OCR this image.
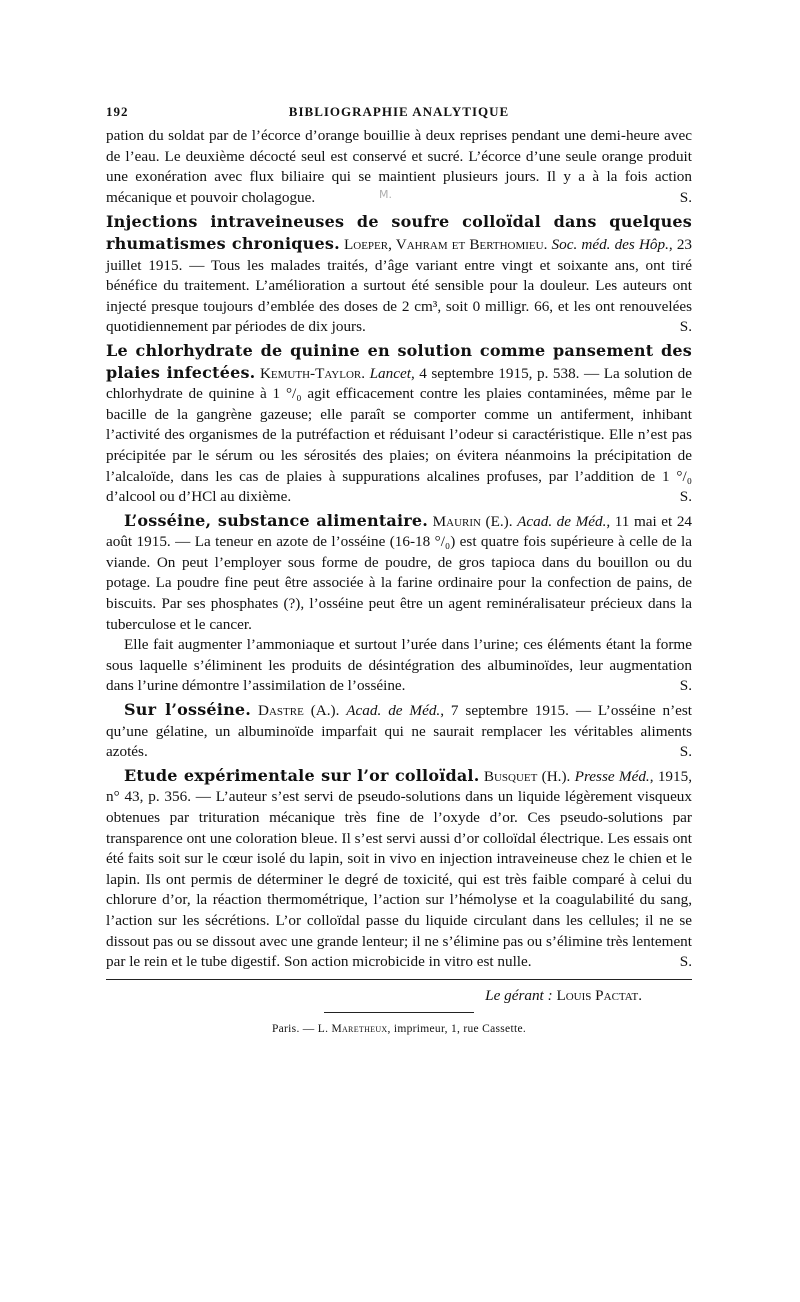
192	BIBLIOGRAPHIE ANALYTIQUE

pation du soldat par de l’écorce d’orange bouillie à deux reprises pendant une demi-heure avec de l’eau. Le deuxième décocté seul est conservé et sucré. L’écorce d’une seule orange produit une exonération avec flux biliaire qui se maintient plusieurs jours. Il y a à la fois action mécanique et pouvoir cholagogue.	M.	S.

Injections intraveineuses de soufre colloïdal dans quelques rhumatismes chroniques. Loeper, Vahram et Berthomieu. Soc. méd. des Hôp., 23 juillet 1915. — Tous les malades traités, d’âge variant entre vingt et soixante ans, ont tiré bénéfice du traitement. L’amélioration a surtout été sensible pour la douleur. Les auteurs ont injecté presque toujours d’emblée des doses de 2 cm³, soit 0 milligr. 66, et les ont renouvelées quotidiennement par périodes de dix jours.	S.

Le chlorhydrate de quinine en solution comme pansement des plaies infectées. Kemuth-Taylor. Lancet, 4 septembre 1915, p. 538. — La solution de chlorhydrate de quinine à 1 °/₀ agit efficacement contre les plaies contaminées, même par le bacille de la gangrène gazeuse; elle paraît se comporter comme un antiferment, inhibant l’activité des organismes de la putréfaction et réduisant l’odeur si caractéristique. Elle n’est pas précipitée par le sérum ou les sérosités des plaies; on évitera néanmoins la précipitation de l’alcaloïde, dans les cas de plaies à suppurations alcalines profuses, par l’addition de 1 °/₀ d’alcool ou d’HCl au dixième.	S.

L’osséine, substance alimentaire. Maurin (E.). Acad. de Méd., 11 mai et 24 août 1915. — La teneur en azote de l’osséine (16-18 °/₀) est quatre fois supérieure à celle de la viande. On peut l’employer sous forme de poudre, de gros tapioca dans du bouillon ou du potage. La poudre fine peut être associée à la farine ordinaire pour la confection de pains, de biscuits. Par ses phosphates (?), l’osséine peut être un agent reminéralisateur précieux dans la tuberculose et le cancer.

Elle fait augmenter l’ammoniaque et surtout l’urée dans l’urine; ces éléments étant la forme sous laquelle s’éliminent les produits de désintégration des albuminoïdes, leur augmentation dans l’urine démontre l’assimilation de l’osséine.	S.

Sur l’osséine. Dastre (A.). Acad. de Méd., 7 septembre 1915. — L’osséine n’est qu’une gélatine, un albuminoïde imparfait qui ne saurait remplacer les véritables aliments azotés.	S.

Etude expérimentale sur l’or colloïdal. Busquet (H.). Presse Méd., 1915, n° 43, p. 356. — L’auteur s’est servi de pseudo-solutions dans un liquide légèrement visqueux obtenues par trituration mécanique très fine de l’oxyde d’or. Ces pseudo-solutions par transparence ont une coloration bleue. Il s’est servi aussi d’or colloïdal électrique. Les essais ont été faits soit sur le cœur isolé du lapin, soit in vivo en injection intraveineuse chez le chien et le lapin. Ils ont permis de déterminer le degré de toxicité, qui est très faible comparé à celui du chlorure d’or, la réaction thermométrique, l’action sur l’hémolyse et la coagulabilité du sang, l’action sur les sécrétions. L’or colloïdal passe du liquide circulant dans les cellules; il ne se dissout pas ou se dissout avec une grande lenteur; il ne s’élimine pas ou s’élimine très lentement par le rein et le tube digestif. Son action microbicide in vitro est nulle.	S.

Le gérant : Louis Pactat.
Paris. — L. Maretheux, imprimeur, 1, rue Cassette.
